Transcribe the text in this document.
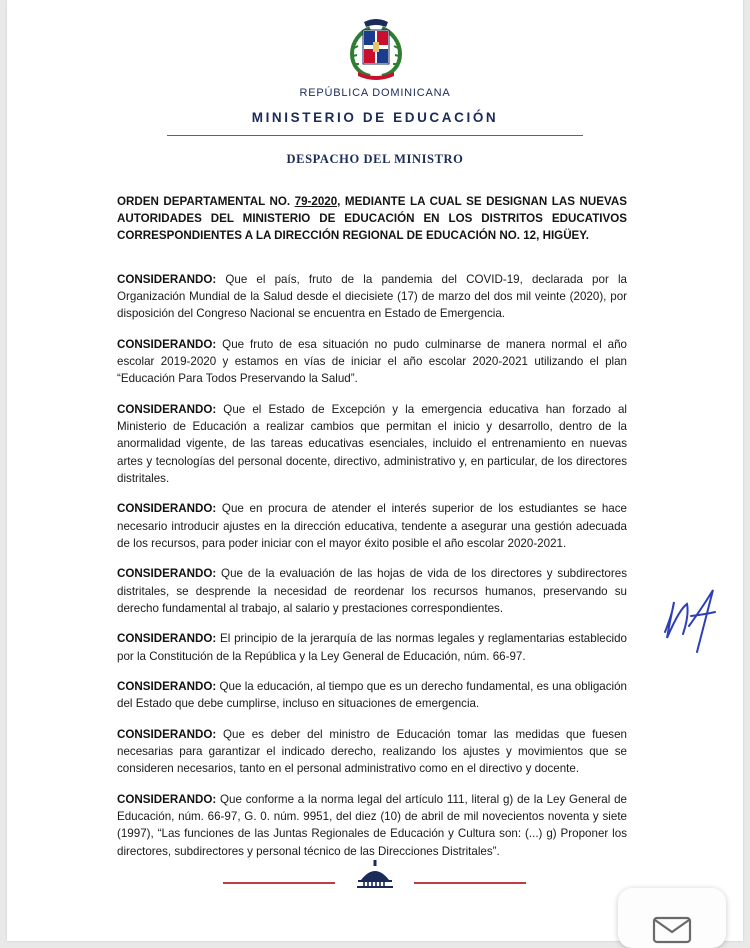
REPÚBLICA DOMINICANA
MINISTERIO DE EDUCACIÓN
DESPACHO DEL MINISTRO
ORDEN DEPARTAMENTAL NO. 79-2020, MEDIANTE LA CUAL SE DESIGNAN LAS NUEVAS AUTORIDADES DEL MINISTERIO DE EDUCACIÓN EN LOS DISTRITOS EDUCATIVOS CORRESPONDIENTES A LA DIRECCIÓN REGIONAL DE EDUCACIÓN NO. 12, HIGÜEY.

CONSIDERANDO: Que el país, fruto de la pandemia del COVID-19, declarada por la Organización Mundial de la Salud desde el diecisiete (17) de marzo del dos mil veinte (2020), por disposición del Congreso Nacional se encuentra en Estado de Emergencia.

CONSIDERANDO: Que fruto de esa situación no pudo culminarse de manera normal el año escolar 2019-2020 y estamos en vías de iniciar el año escolar 2020-2021 utilizando el plan “Educación Para Todos Preservando la Salud”.

CONSIDERANDO: Que el Estado de Excepción y la emergencia educativa han forzado al Ministerio de Educación a realizar cambios que permitan el inicio y desarrollo, dentro de la anormalidad vigente, de las tareas educativas esenciales, incluido el entrenamiento en nuevas artes y tecnologías del personal docente, directivo, administrativo y, en particular, de los directores distritales.

CONSIDERANDO: Que en procura de atender el interés superior de los estudiantes se hace necesario introducir ajustes en la dirección educativa, tendente a asegurar una gestión adecuada de los recursos, para poder iniciar con el mayor éxito posible el año escolar 2020-2021.

CONSIDERANDO: Que de la evaluación de las hojas de vida de los directores y subdirectores distritales, se desprende la necesidad de reordenar los recursos humanos, preservando su derecho fundamental al trabajo, al salario y prestaciones correspondientes.

CONSIDERANDO: El principio de la jerarquía de las normas legales y reglamentarias establecido por la Constitución de la República y la Ley General de Educación, núm. 66-97.

CONSIDERANDO: Que la educación, al tiempo que es un derecho fundamental, es una obligación del Estado que debe cumplirse, incluso en situaciones de emergencia.

CONSIDERANDO: Que es deber del ministro de Educación tomar las medidas que fuesen necesarias para garantizar el indicado derecho, realizando los ajustes y movimientos que se consideren necesarios, tanto en el personal administrativo como en el directivo y docente.

CONSIDERANDO: Que conforme a la norma legal del artículo 111, literal g) de la Ley General de Educación, núm. 66-97, G. 0. núm. 9951, del diez (10) de abril de mil novecientos noventa y siete (1997), “Las funciones de las Juntas Regionales de Educación y Cultura son: (...) g) Proponer los directores, subdirectores y personal técnico de las Direcciones Distritales”.
